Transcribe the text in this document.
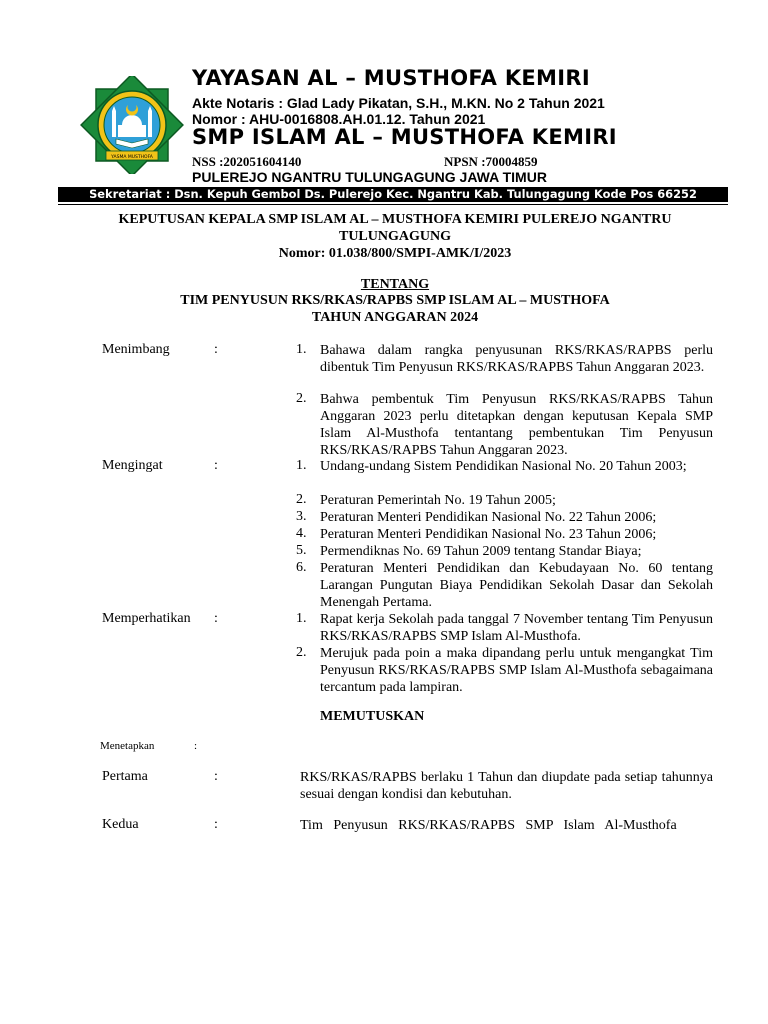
YASMA MUSTHOFA
YAYASAN AL – MUSTHOFA KEMIRI
Akte Notaris : Glad Lady Pikatan, S.H., M.KN. No 2 Tahun 2021
Nomor : AHU-0016808.AH.01.12. Tahun 2021
SMP ISLAM AL – MUSTHOFA KEMIRI
NSS :202051604140	NPSN :70004859
PULEREJO NGANTRU TULUNGAGUNG JAWA TIMUR
Sekretariat : Dsn. Kepuh Gembol Ds. Pulerejo Kec. Ngantru Kab. Tulungagung Kode Pos 66252
KEPUTUSAN KEPALA SMP ISLAM AL – MUSTHOFA KEMIRI PULEREJO NGANTRU
TULUNGAGUNG
Nomor: 01.038/800/SMPI-AMK/I/2023
TENTANG
TIM PENYUSUN RKS/RKAS/RAPBS SMP ISLAM AL – MUSTHOFA
TAHUN ANGGARAN 2024
Menimbang	:	1. Bahawa dalam rangka penyusunan RKS/RKAS/RAPBS perlu dibentuk Tim Penyusun RKS/RKAS/RAPBS Tahun Anggaran 2023.
2. Bahwa pembentuk Tim Penyusun RKS/RKAS/RAPBS Tahun Anggaran 2023 perlu ditetapkan dengan keputusan Kepala SMP Islam Al-Musthofa tentantang pembentukan Tim Penyusun RKS/RKAS/RAPBS Tahun Anggaran 2023.
Mengingat	:	1. Undang-undang Sistem Pendidikan Nasional No. 20 Tahun 2003;
2. Peraturan Pemerintah No. 19 Tahun 2005;
3. Peraturan Menteri Pendidikan Nasional No. 22 Tahun 2006;
4. Peraturan Menteri Pendidikan Nasional No. 23 Tahun 2006;
5. Permendiknas No. 69 Tahun 2009 tentang Standar Biaya;
6. Peraturan Menteri Pendidikan dan Kebudayaan No. 60 tentang Larangan Pungutan Biaya Pendidikan Sekolah Dasar dan Sekolah Menengah Pertama.
Memperhatikan :	1. Rapat kerja Sekolah pada tanggal 7 November tentang Tim Penyusun RKS/RKAS/RAPBS SMP Islam Al-Musthofa.
2. Merujuk pada poin a maka dipandang perlu untuk mengangkat Tim Penyusun RKS/RKAS/RAPBS SMP Islam Al-Musthofa sebagaimana tercantum pada lampiran.
MEMUTUSKAN
Menetapkan	:
Pertama	:	RKS/RKAS/RAPBS berlaku 1 Tahun dan diupdate pada setiap tahunnya sesuai dengan kondisi dan kebutuhan.
Kedua	:	Tim   Penyusun   RKS/RKAS/RAPBS   SMP   Islam   Al-Musthofa
